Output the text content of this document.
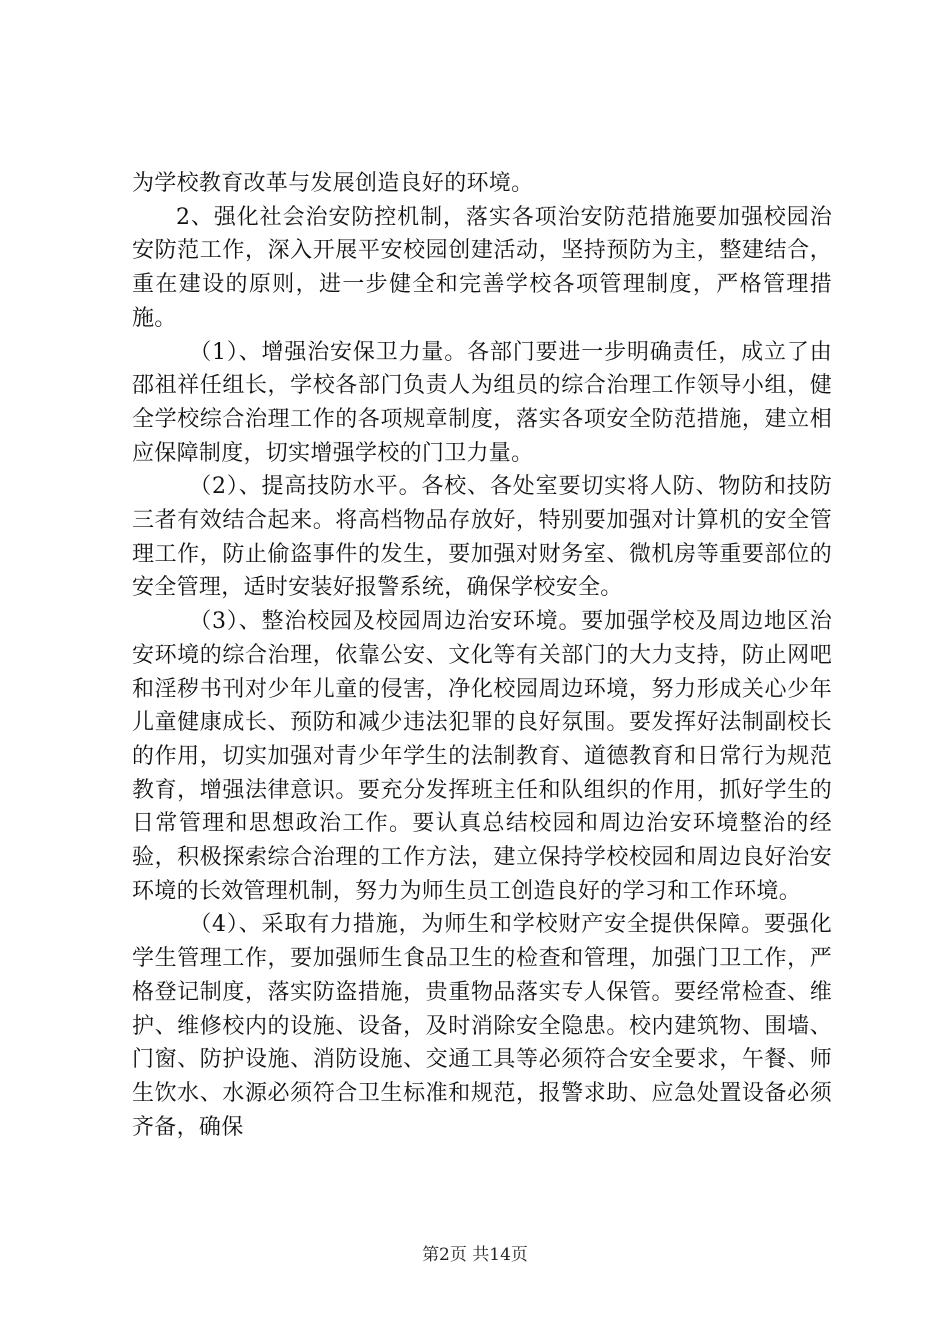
为学校教育改革与发展创造良好的环境。

2、强化社会治安防控机制，落实各项治安防范措施要加强校园治安防范工作，深入开展平安校园创建活动，坚持预防为主，整建结合，重在建设的原则，进一步健全和完善学校各项管理制度，严格管理措施。

（1）、增强治安保卫力量。各部门要进一步明确责任，成立了由邵祖祥任组长，学校各部门负责人为组员的综合治理工作领导小组，健全学校综合治理工作的各项规章制度，落实各项安全防范措施，建立相应保障制度，切实增强学校的门卫力量。

（2）、提高技防水平。各校、各处室要切实将人防、物防和技防三者有效结合起来。将高档物品存放好，特别要加强对计算机的安全管理工作，防止偷盗事件的发生，要加强对财务室、微机房等重要部位的安全管理，适时安装好报警系统，确保学校安全。

（3）、整治校园及校园周边治安环境。要加强学校及周边地区治安环境的综合治理，依靠公安、文化等有关部门的大力支持，防止网吧和淫秽书刊对少年儿童的侵害，净化校园周边环境，努力形成关心少年儿童健康成长、预防和减少违法犯罪的良好氛围。要发挥好法制副校长的作用，切实加强对青少年学生的法制教育、道德教育和日常行为规范教育，增强法律意识。要充分发挥班主任和队组织的作用，抓好学生的日常管理和思想政治工作。要认真总结校园和周边治安环境整治的经验，积极探索综合治理的工作方法，建立保持学校校园和周边良好治安环境的长效管理机制，努力为师生员工创造良好的学习和工作环境。

（4）、采取有力措施，为师生和学校财产安全提供保障。要强化学生管理工作，要加强师生食品卫生的检查和管理，加强门卫工作，严格登记制度，落实防盗措施，贵重物品落实专人保管。要经常检查、维护、维修校内的设施、设备，及时消除安全隐患。校内建筑物、围墙、门窗、防护设施、消防设施、交通工具等必须符合安全要求，午餐、师生饮水、水源必须符合卫生标准和规范，报警求助、应急处置设备必须齐备，确保

第2页 共14页
